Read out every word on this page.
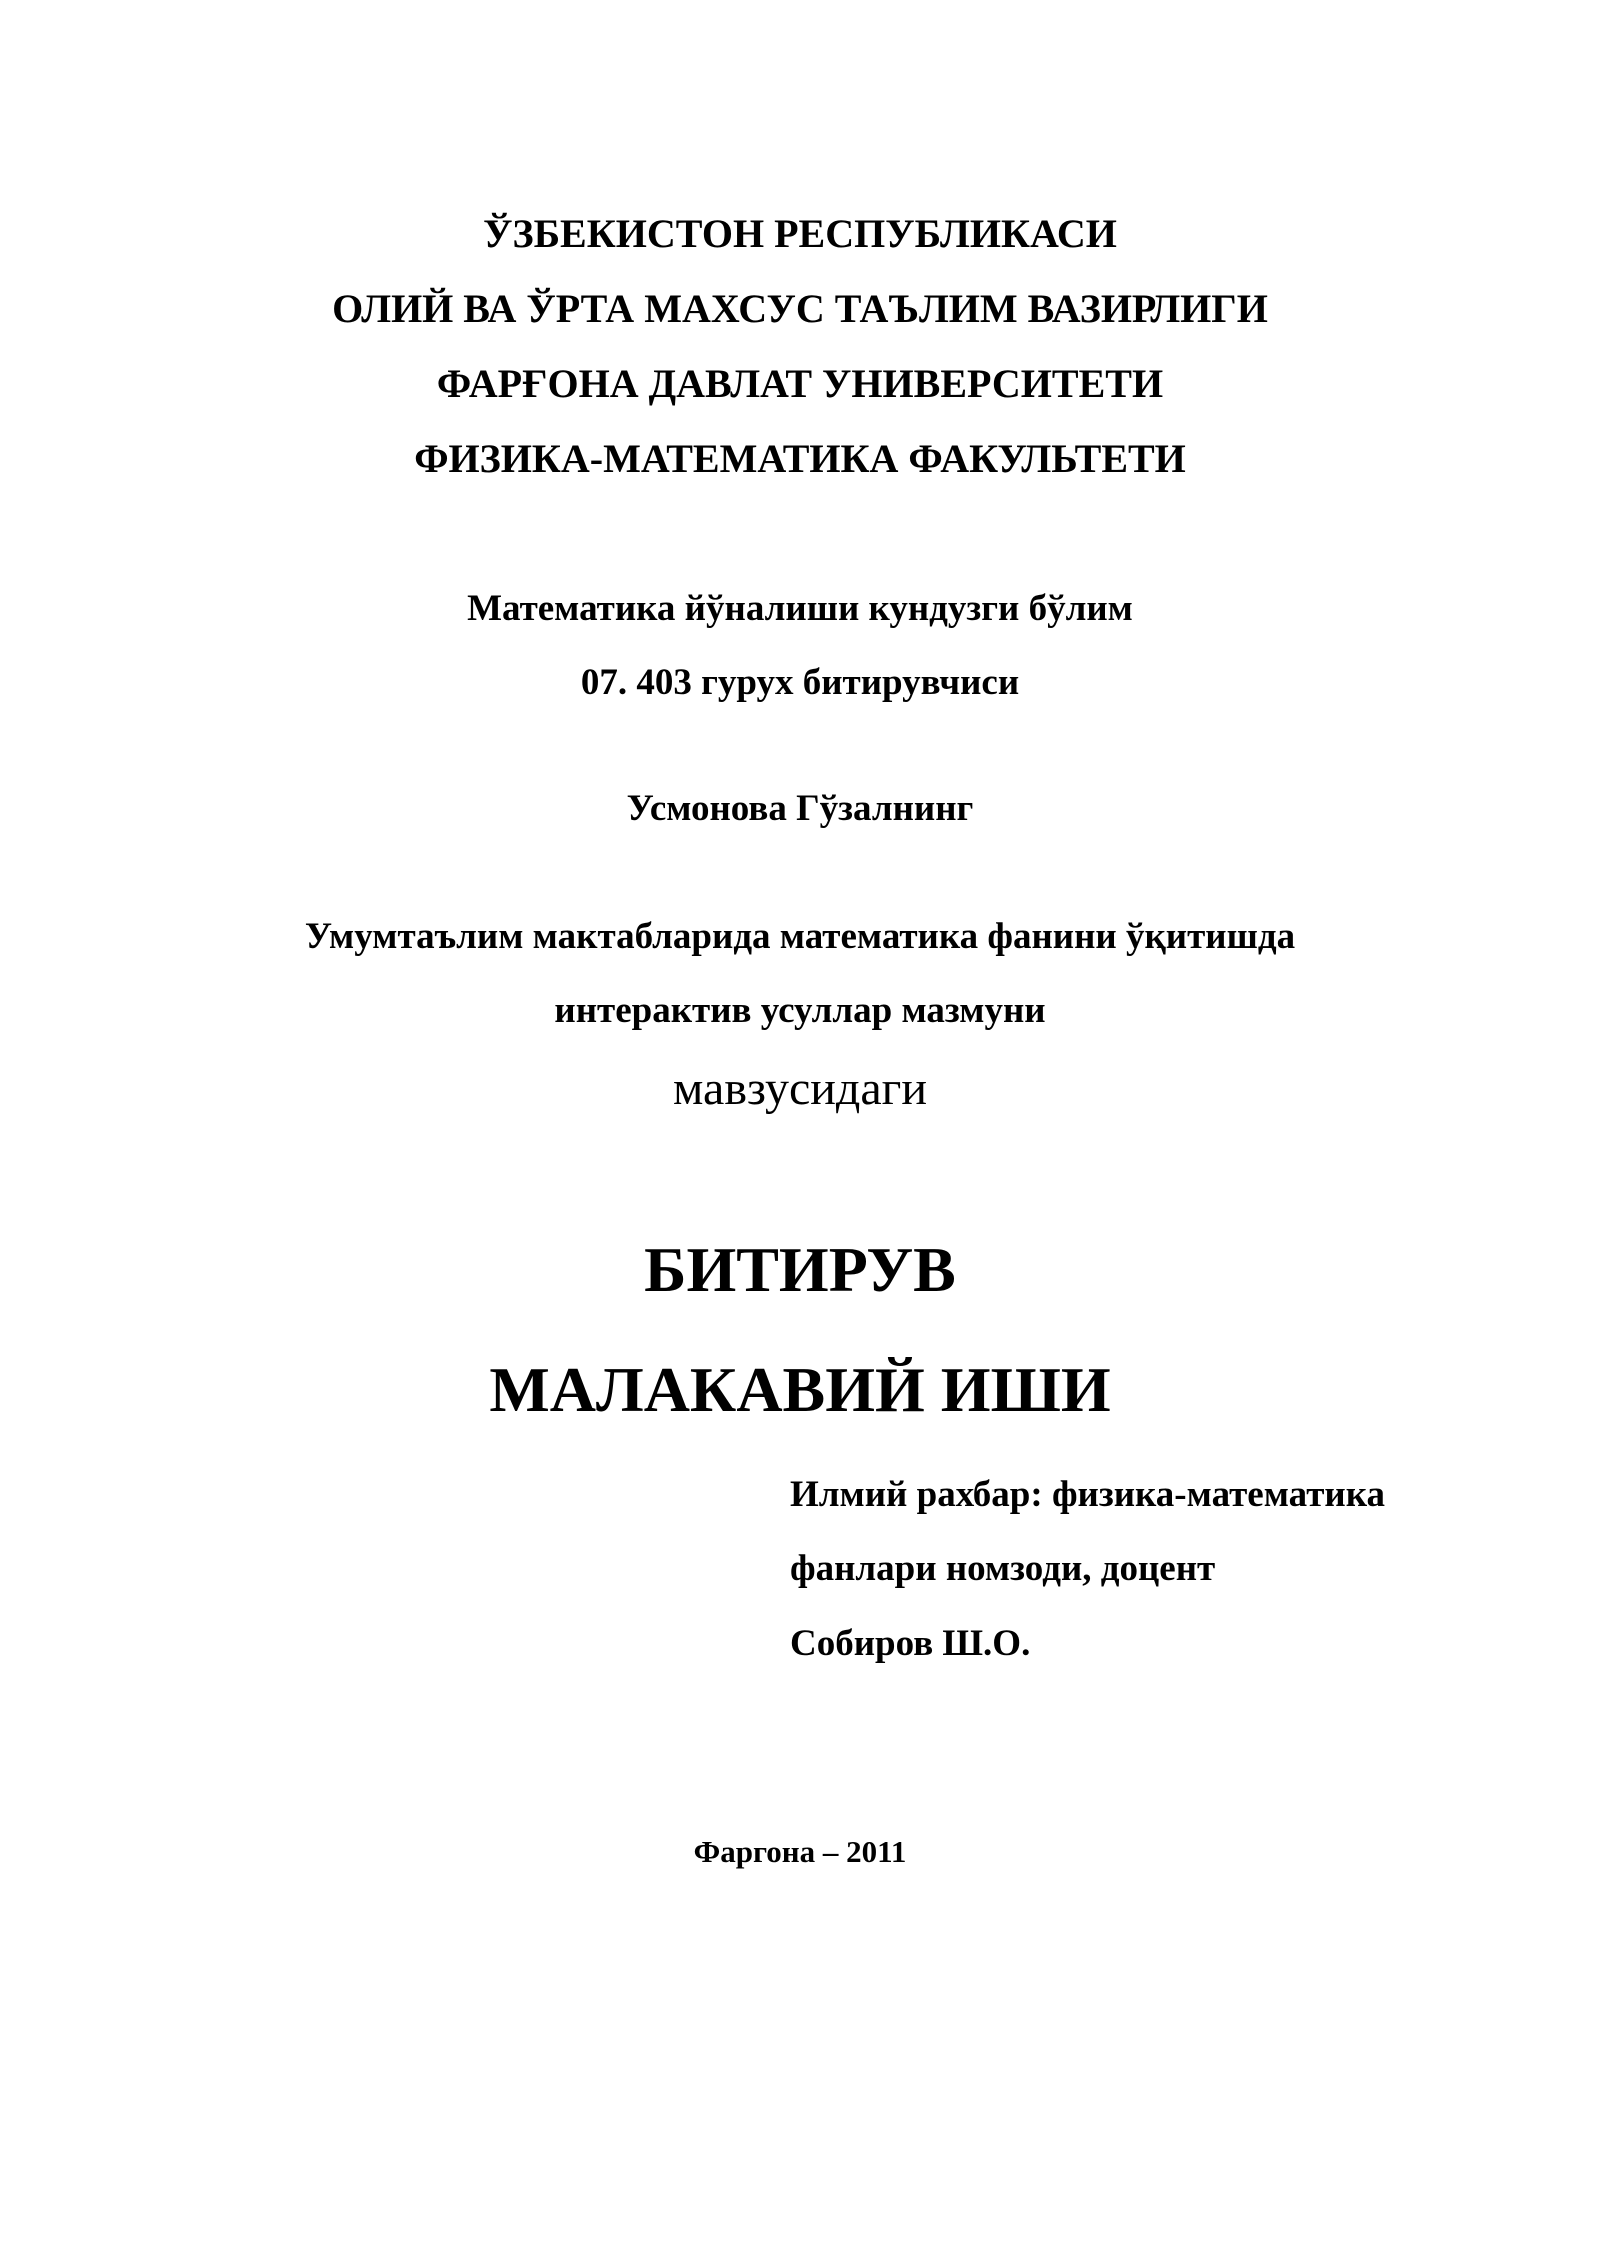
ЎЗБЕКИСТОН РЕСПУБЛИКАСИ
ОЛИЙ ВА ЎРТА МАХСУС ТАЪЛИМ ВАЗИРЛИГИ
ФАРҒОНА ДАВЛАТ УНИВЕРСИТЕТИ
ФИЗИКА-МАТЕМАТИКА ФАКУЛЬТЕТИ
Математика йўналиши кундузги бўлим
07. 403 гурух битирувчиси
Усмонова Гўзалнинг
Умумтаълим мактабларида математика фанини ўқитишда
интерактив усуллар мазмуни
мавзусидаги
БИТИРУВ
МАЛАКАВИЙ ИШИ
Илмий рахбар: физика-математика
фанлари номзоди, доцент
Собиров Ш.О.
Фаргона – 2011
